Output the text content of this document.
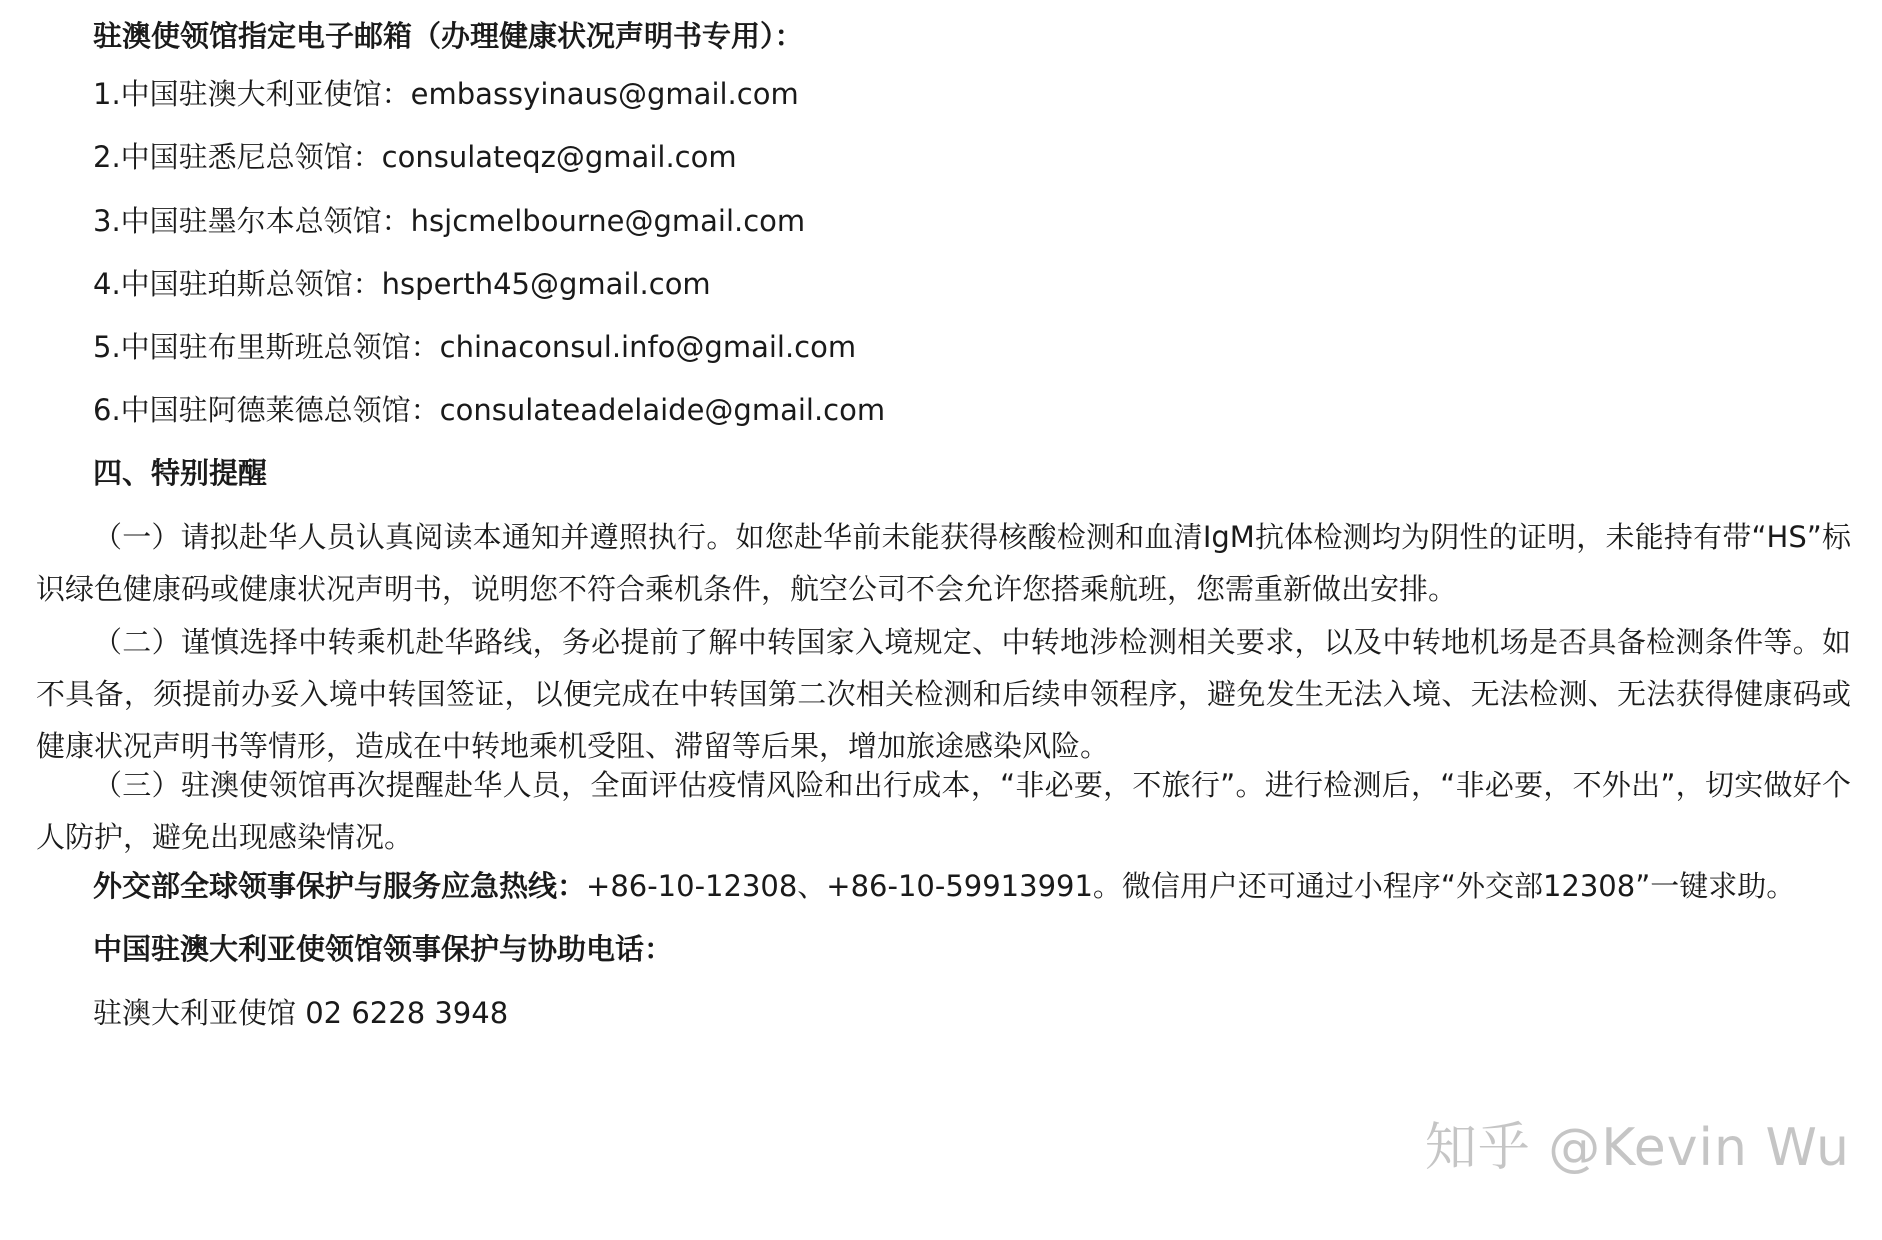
驻澳使领馆指定电子邮箱（办理健康状况声明书专用）：
1.中国驻澳大利亚使馆：embassyinaus@gmail.com
2.中国驻悉尼总领馆：consulateqz@gmail.com
3.中国驻墨尔本总领馆：hsjcmelbourne@gmail.com
4.中国驻珀斯总领馆：hsperth45@gmail.com
5.中国驻布里斯班总领馆：chinaconsul.info@gmail.com
6.中国驻阿德莱德总领馆：consulateadelaide@gmail.com
四、特别提醒
（一）请拟赴华人员认真阅读本通知并遵照执行。如您赴华前未能获得核酸检测和血清IgM抗体检测均为阴性的证明，未能持有带“HS”标识绿色健康码或健康状况声明书，说明您不符合乘机条件，航空公司不会允许您搭乘航班，您需重新做出安排。
（二）谨慎选择中转乘机赴华路线，务必提前了解中转国家入境规定、中转地涉检测相关要求，以及中转地机场是否具备检测条件等。如不具备，须提前办妥入境中转国签证，以便完成在中转国第二次相关检测和后续申领程序，避免发生无法入境、无法检测、无法获得健康码或健康状况声明书等情形，造成在中转地乘机受阻、滞留等后果，增加旅途感染风险。
（三）驻澳使领馆再次提醒赴华人员，全面评估疫情风险和出行成本，“非必要，不旅行”。进行检测后，“非必要，不外出”，切实做好个人防护，避免出现感染情况。
外交部全球领事保护与服务应急热线：+86-10-12308、+86-10-59913991。微信用户还可通过小程序“外交部12308”一键求助。
中国驻澳大利亚使领馆领事保护与协助电话：
驻澳大利亚使馆 02 6228 3948
知乎 @Kevin Wu
